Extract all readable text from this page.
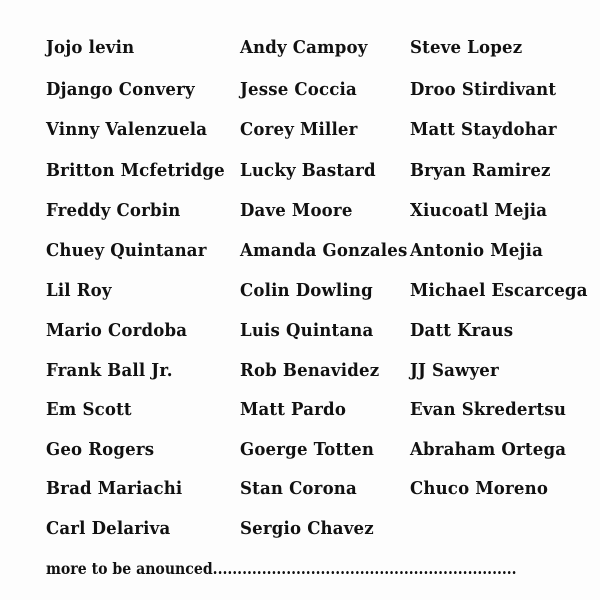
Jojo levin
Django Convery
Vinny Valenzuela
Britton Mcfetridge
Freddy Corbin
Chuey Quintanar
Lil Roy
Mario Cordoba
Frank Ball Jr.
Em Scott
Geo Rogers
Brad Mariachi
Carl Delariva
Andy Campoy
Jesse Coccia
Corey Miller
Lucky Bastard
Dave Moore
Amanda Gonzales
Colin Dowling
Luis Quintana
Rob Benavidez
Matt Pardo
Goerge Totten
Stan Corona
Sergio Chavez
Steve Lopez
Droo Stirdivant
Matt Staydohar
Bryan Ramirez
Xiucoatl Mejia
Antonio Mejia
Michael Escarcega
Datt Kraus
JJ Sawyer
Evan Skredertsu
Abraham Ortega
Chuco Moreno
more to be anounced..............................................................
